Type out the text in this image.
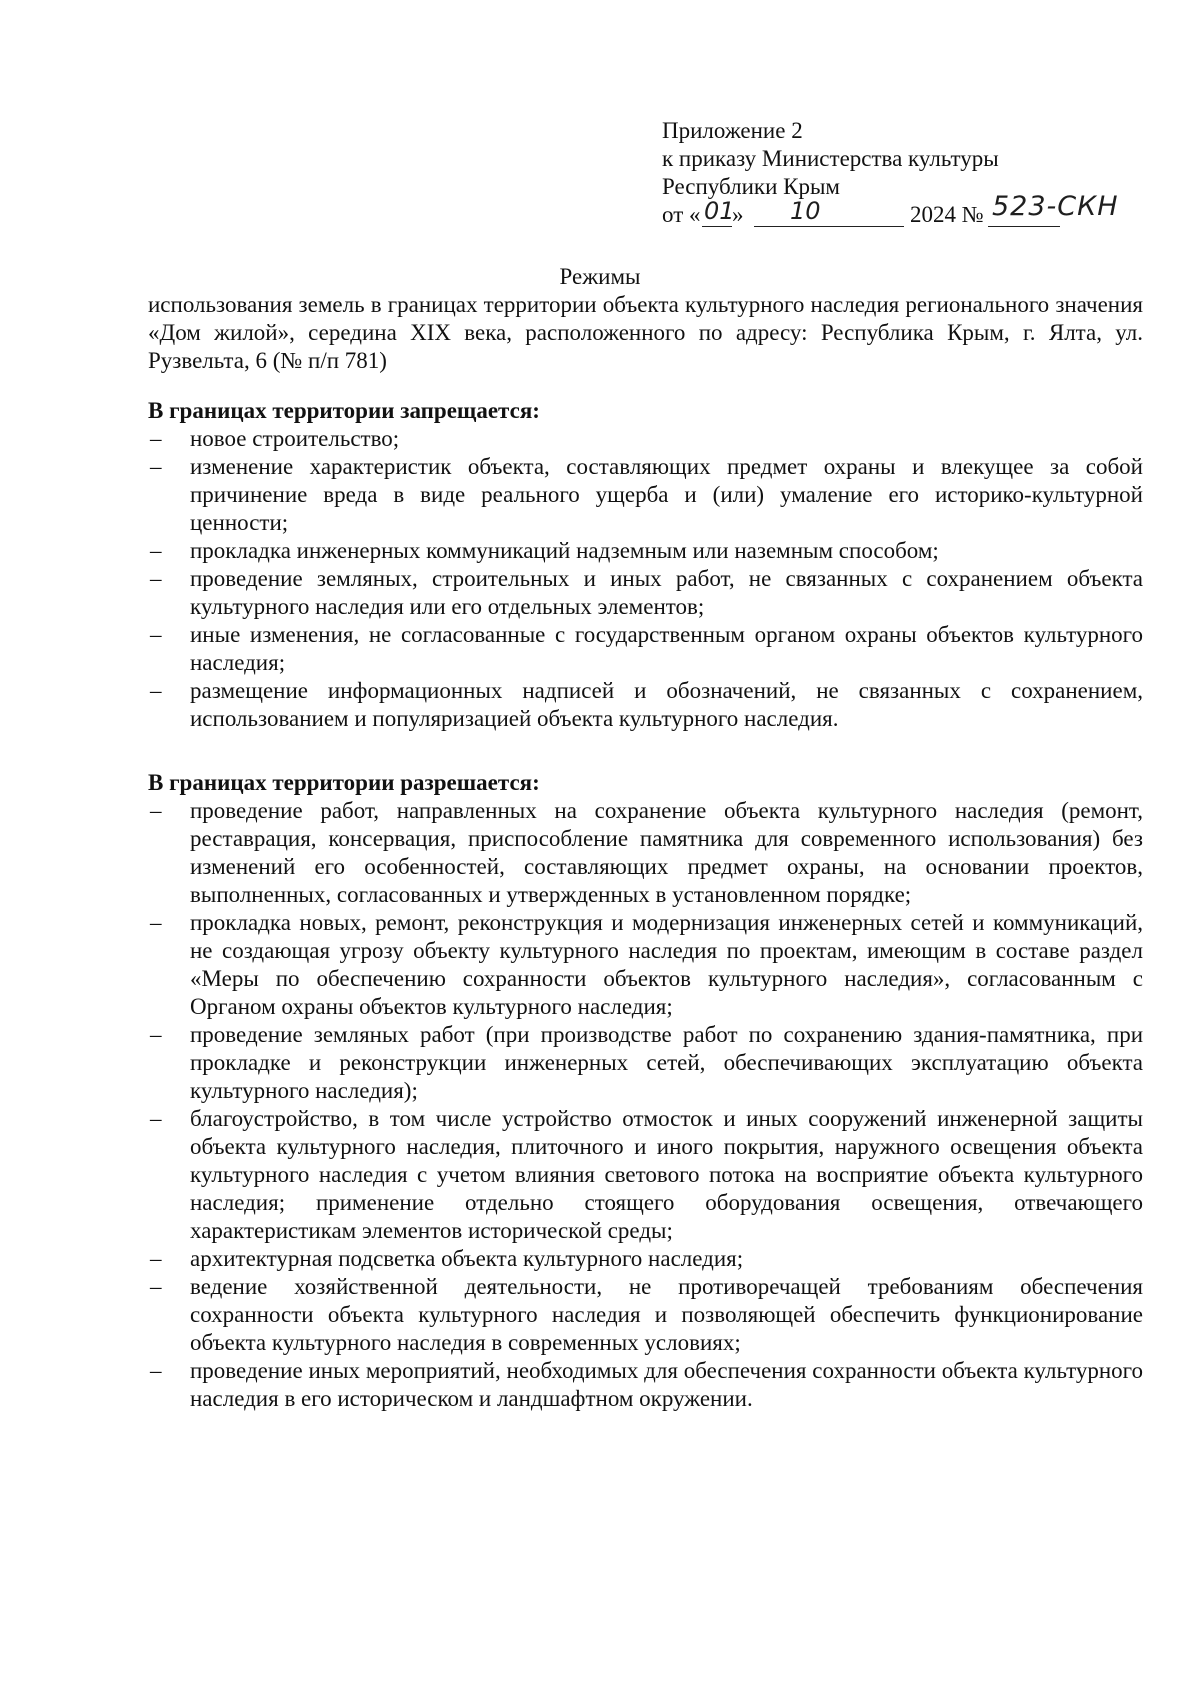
Приложение 2
к приказу Министерства культуры
Республики Крым
от « 01
» 10	2024 № 523-СКН
Режимы
использования земель в границах территории объекта культурного наследия регионального значения «Дом жилой», середина XIX века, расположенного по адресу: Республика Крым, г. Ялта, ул. Рузвельта, 6 (№ п/п 781)
В границах территории запрещается:
– новое строительство;
– изменение характеристик объекта, составляющих предмет охраны и влекущее за собой причинение вреда в виде реального ущерба и (или) умаление его историко-культурной ценности;
– прокладка инженерных коммуникаций надземным или наземным способом;
– проведение земляных, строительных и иных работ, не связанных с сохранением объекта культурного наследия или его отдельных элементов;
– иные изменения, не согласованные с государственным органом охраны объектов культурного наследия;
– размещение информационных надписей и обозначений, не связанных с сохранением, использованием и популяризацией объекта культурного наследия.
В границах территории разрешается:
– проведение работ, направленных на сохранение объекта культурного наследия (ремонт, реставрация, консервация, приспособление памятника для современного использования) без изменений его особенностей, составляющих предмет охраны, на основании проектов, выполненных, согласованных и утвержденных в установленном порядке;
– прокладка новых, ремонт, реконструкция и модернизация инженерных сетей и коммуникаций, не создающая угрозу объекту культурного наследия по проектам, имеющим в составе раздел «Меры по обеспечению сохранности объектов культурного наследия», согласованным с Органом охраны объектов культурного наследия;
– проведение земляных работ (при производстве работ по сохранению здания-памятника, при прокладке и реконструкции инженерных сетей, обеспечивающих эксплуатацию объекта культурного наследия);
– благоустройство, в том числе устройство отмосток и иных сооружений инженерной защиты объекта культурного наследия, плиточного и иного покрытия, наружного освещения объекта культурного наследия с учетом влияния светового потока на восприятие объекта культурного наследия; применение отдельно стоящего оборудования освещения, отвечающего характеристикам элементов исторической среды;
– архитектурная подсветка объекта культурного наследия;
– ведение хозяйственной деятельности, не противоречащей требованиям обеспечения сохранности объекта культурного наследия и позволяющей обеспечить функционирование объекта культурного наследия в современных условиях;
– проведение иных мероприятий, необходимых для обеспечения сохранности объекта культурного наследия в его историческом и ландшафтном окружении.
